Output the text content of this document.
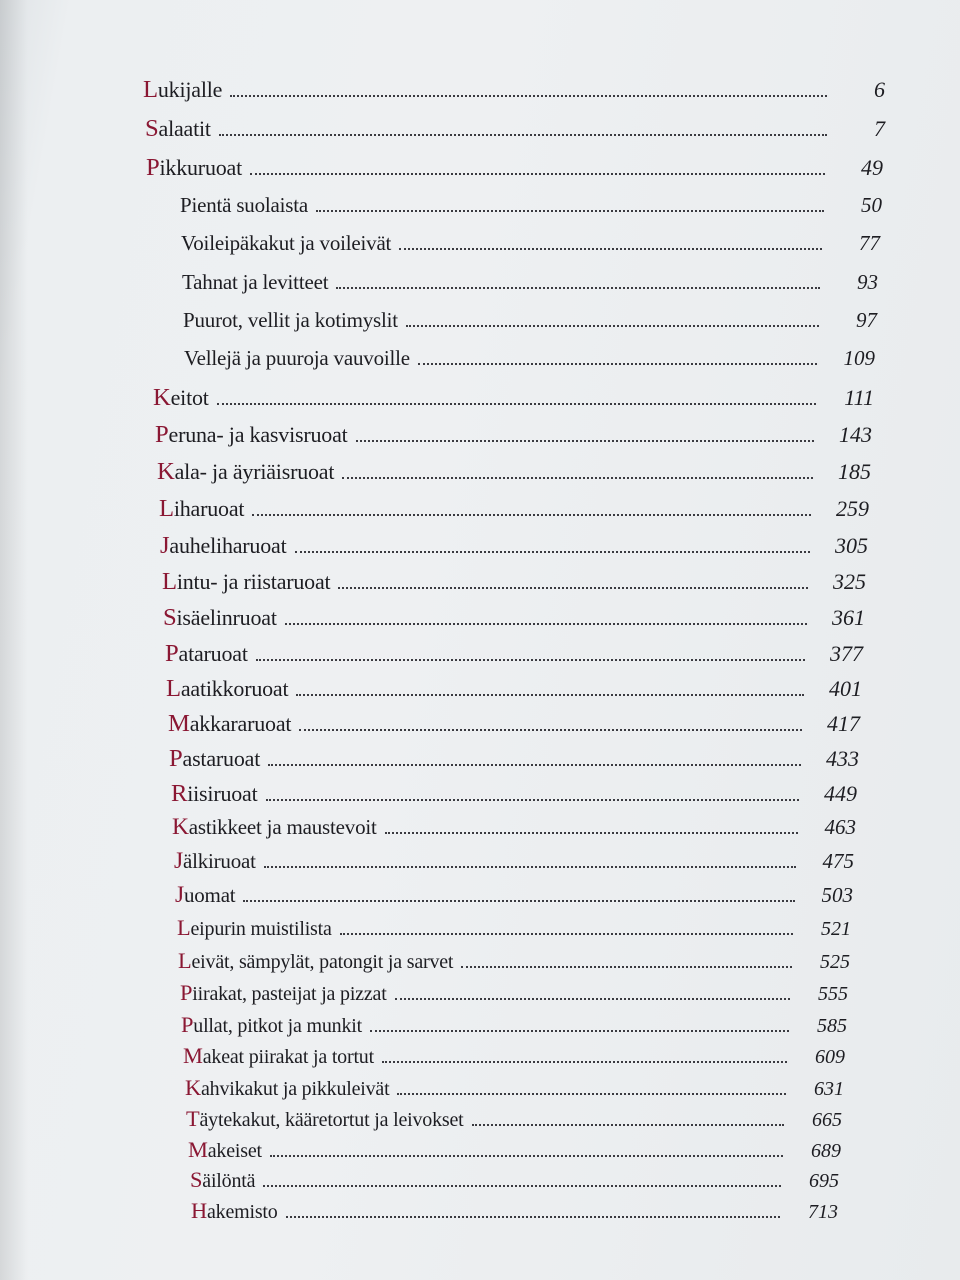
Lukijalle	6
Salaatit	7
Pikkuruoat	49
Pientä suolaista	50
Voileipäkakut ja voileivät	77
Tahnat ja levitteet	93
Puurot, vellit ja kotimyslit	97
Vellejä ja puuroja vauvoille	109
Keitot	111
Peruna- ja kasvisruoat	143
Kala- ja äyriäisruoat	185
Liharuoat	259
Jauheliharuoat	305
Lintu- ja riistaruoat	325
Sisäelinruoat	361
Pataruoat	377
Laatikkoruoat	401
Makkararuoat	417
Pastaruoat	433
Riisiruoat	449
Kastikkeet ja maustevoit	463
Jälkiruoat	475
Juomat	503
Leipurin muistilista	521
Leivät, sämpylät, patongit ja sarvet	525
Piirakat, pasteijat ja pizzat	555
Pullat, pitkot ja munkit	585
Makeat piirakat ja tortut	609
Kahvikakut ja pikkuleivät	631
Täytekakut, kääretortut ja leivokset	665
Makeiset	689
Säilöntä	695
Hakemisto	713
